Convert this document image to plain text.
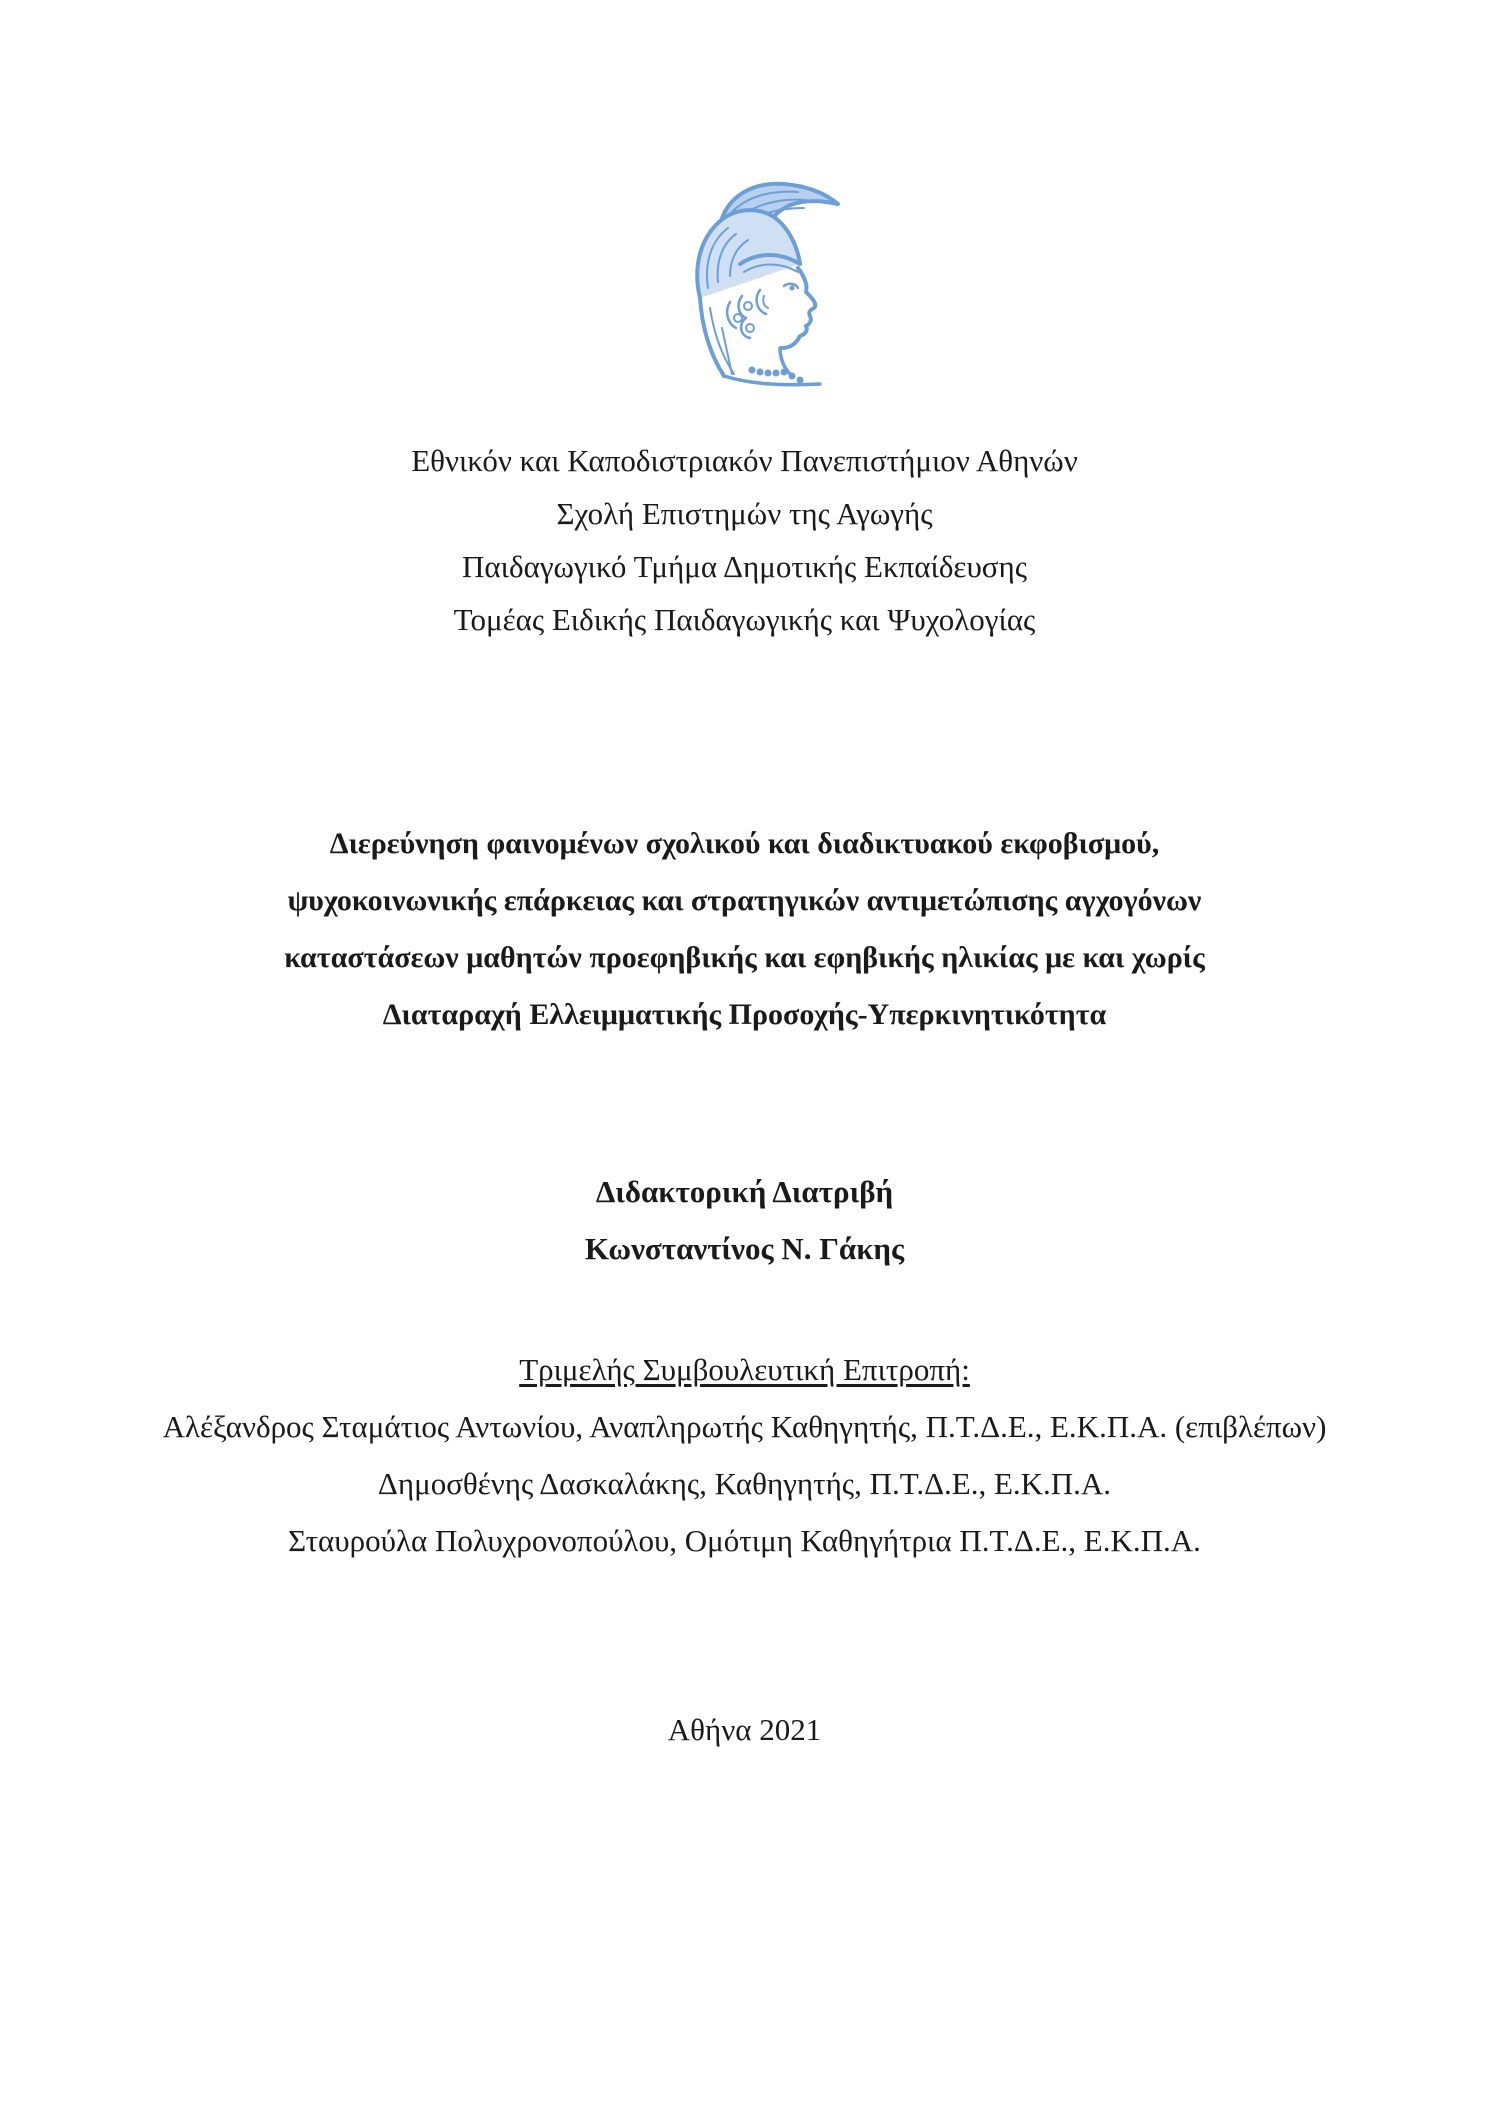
Εθνικόν και Καποδιστριακόν Πανεπιστήμιον Αθηνών
Σχολή Επιστημών της Αγωγής
Παιδαγωγικό Τμήμα Δημοτικής Εκπαίδευσης
Τομέας Ειδικής Παιδαγωγικής και Ψυχολογίας
Διερεύνηση φαινομένων σχολικού και διαδικτυακού εκφοβισμού,
ψυχοκοινωνικής επάρκειας και στρατηγικών αντιμετώπισης αγχογόνων
καταστάσεων μαθητών προεφηβικής και εφηβικής ηλικίας με και χωρίς
Διαταραχή Ελλειμματικής Προσοχής-Υπερκινητικότητα
Διδακτορική Διατριβή
Κωνσταντίνος Ν. Γάκης
Τριμελής Συμβουλευτική Επιτροπή:
Αλέξανδρος Σταμάτιος Αντωνίου, Αναπληρωτής Καθηγητής, Π.Τ.Δ.Ε., Ε.Κ.Π.Α. (επιβλέπων)
Δημοσθένης Δασκαλάκης, Καθηγητής, Π.Τ.Δ.Ε., Ε.Κ.Π.Α.
Σταυρούλα Πολυχρονοπούλου, Ομότιμη Καθηγήτρια Π.Τ.Δ.Ε., Ε.Κ.Π.Α.
Αθήνα 2021
